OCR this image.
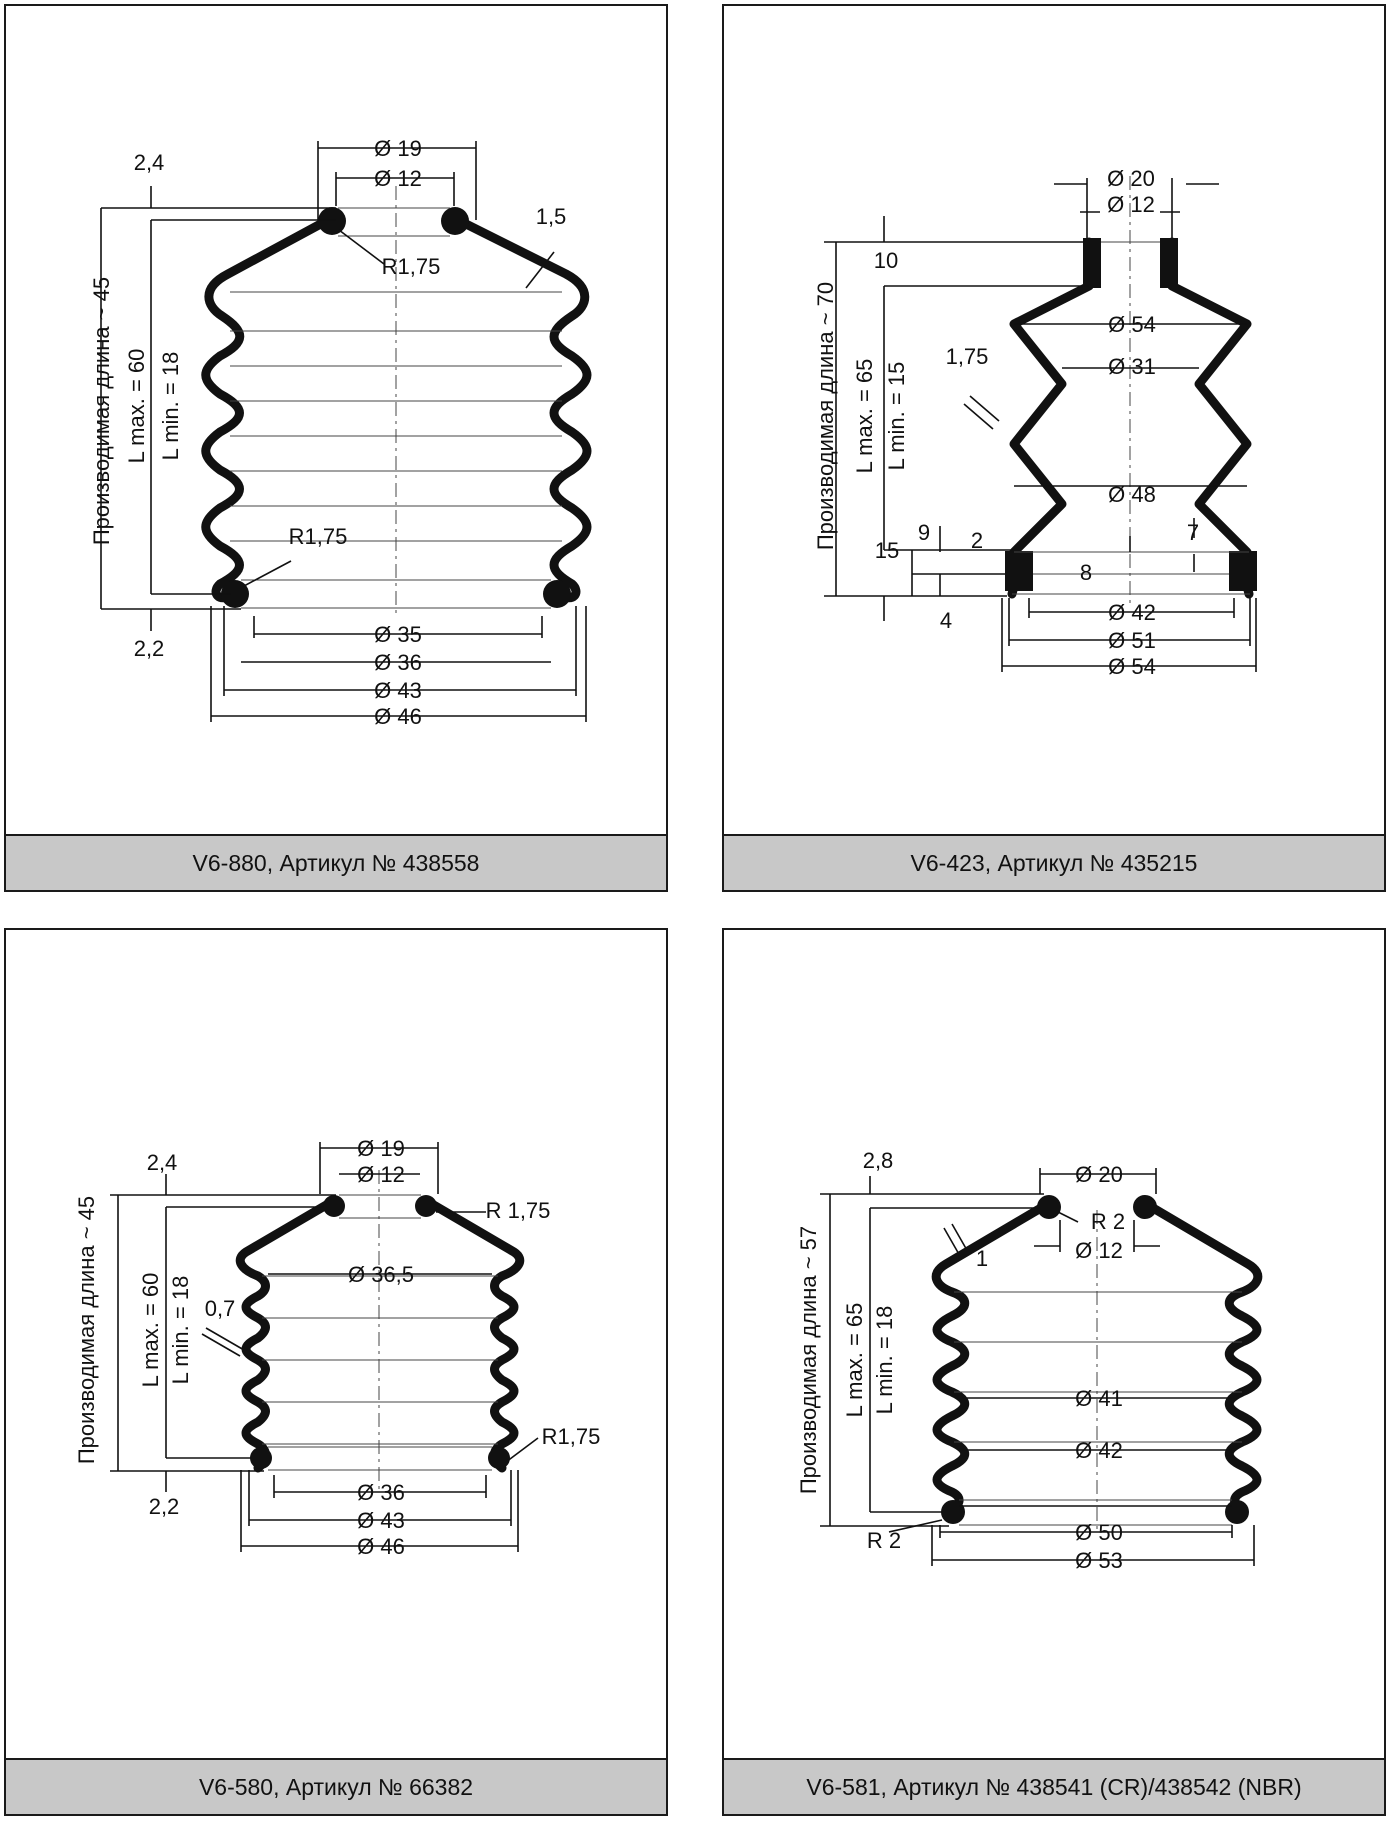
Ø 19
Ø 12
2,4
1,5
R1,75
R1,75
2,2
Производимая длина ~ 45 L max. = 60 L min. = 18
Ø 35
Ø 36
Ø 43
Ø 46
V6-880, Артикул № 438558
Ø 20
Ø 12
10
Производимая длина ~ 70 L max. = 65 L min. = 15
1,75
Ø 54
Ø 31
Ø 48
9
15	2	7
8
4	Ø 42
Ø 51
Ø 54
V6-423, Артикул № 435215
Ø 19
Ø 12
2,4
R 1,75
Ø 36,5
0,7
Производимая длина ~ 45 L max. = 60 L min. = 18
R1,75
2,2
Ø 36
Ø 43
Ø 46
V6-580, Артикул № 66382
2,8
Ø 20
R 2
Ø 12
1
Производимая длина ~ 57 L max. = 65 L min. = 18	Ø 41
Ø 42
R 2	Ø 50
Ø 53
V6-581, Артикул № 438541 (CR)/438542 (NBR)
